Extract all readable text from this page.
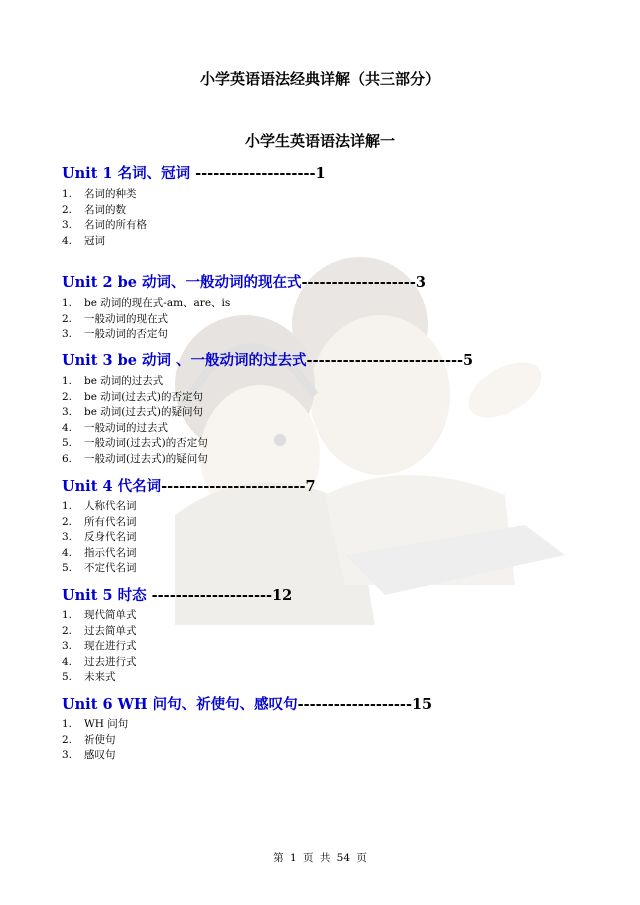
小学英语语法经典详解（共三部分）
小学生英语语法详解一
Unit 1 名词、冠词 --------------------1
1. 名词的种类
2. 名词的数
3. 名词的所有格
4. 冠词
Unit 2 be 动词、一般动词的现在式-------------------3
1. be 动词的现在式-am、are、is
2. 一般动词的现在式
3. 一般动词的否定句
Unit 3 be 动词 、一般动词的过去式--------------------------5
1. be 动词的过去式
2. be 动词(过去式)的否定句
3. be 动词(过去式)的疑问句
4. 一般动词的过去式
5. 一般动词(过去式)的否定句
6. 一般动词(过去式)的疑问句
Unit 4 代名词------------------------7
1. 人称代名词
2. 所有代名词
3. 反身代名词
4. 指示代名词
5. 不定代名词
Unit 5 时态 --------------------12
1. 现代简单式
2. 过去简单式
3. 现在进行式
4. 过去进行式
5. 未来式
Unit 6 WH 问句、祈使句、感叹句-------------------15
1. WH 问句
2. 祈使句
3. 感叹句
第 1 页 共 54 页
